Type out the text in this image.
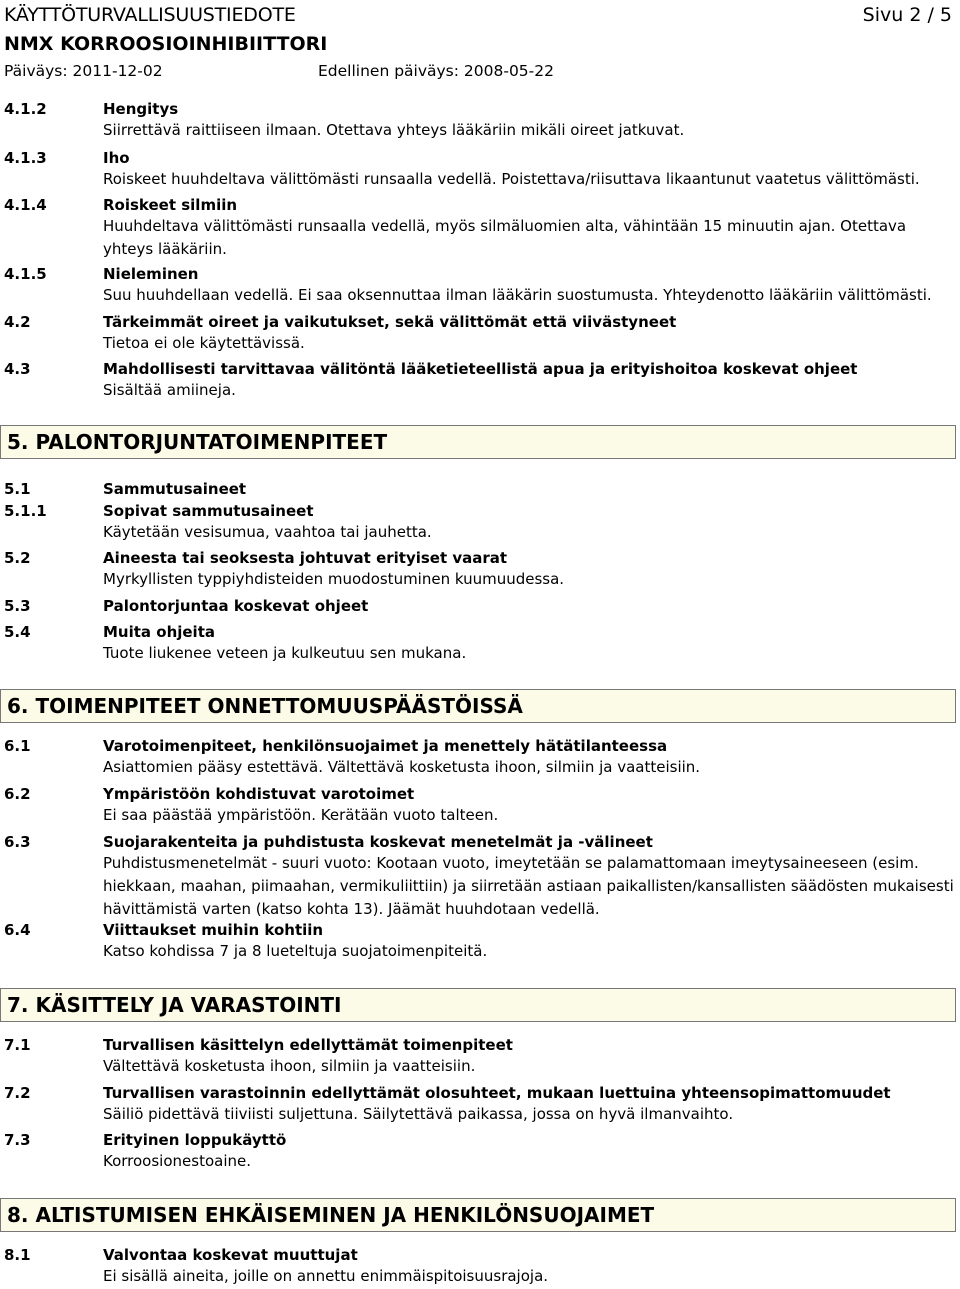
KÄYTTÖTURVALLISUUSTIEDOTE	Sivu 2 / 5
NMX KORROOSIOINHIBIITTORI
Päiväys: 2011-12-02	Edellinen päiväys: 2008-05-22
4.1.2	Hengitys
Siirrettävä raittiiseen ilmaan. Otettava yhteys lääkäriin mikäli oireet jatkuvat.
4.1.3	Iho
Roiskeet huuhdeltava välittömästi runsaalla vedellä. Poistettava/riisuttava likaantunut vaatetus välittömästi.
4.1.4	Roiskeet silmiin
Huuhdeltava välittömästi runsaalla vedellä, myös silmäluomien alta, vähintään 15 minuutin ajan. Otettava yhteys lääkäriin.
4.1.5	Nieleminen
Suu huuhdellaan vedellä. Ei saa oksennuttaa ilman lääkärin suostumusta. Yhteydenotto lääkäriin välittömästi.
4.2	Tärkeimmät oireet ja vaikutukset, sekä välittömät että viivästyneet
Tietoa ei ole käytettävissä.
4.3	Mahdollisesti tarvittavaa välitöntä lääketieteellistä apua ja erityishoitoa koskevat ohjeet
Sisältää amiineja.
5. PALONTORJUNTATOIMENPITEET
5.1	Sammutusaineet
5.1.1	Sopivat sammutusaineet
Käytetään vesisumua, vaahtoa tai jauhetta.
5.2	Aineesta tai seoksesta johtuvat erityiset vaarat
Myrkyllisten typpiyhdisteiden muodostuminen kuumuudessa.
5.3	Palontorjuntaa koskevat ohjeet
5.4	Muita ohjeita
Tuote liukenee veteen ja kulkeutuu sen mukana.
6. TOIMENPITEET ONNETTOMUUSPÄÄSTÖISSÄ
6.1	Varotoimenpiteet, henkilönsuojaimet ja menettely hätätilanteessa
Asiattomien pääsy estettävä. Vältettävä kosketusta ihoon, silmiin ja vaatteisiin.
6.2	Ympäristöön kohdistuvat varotoimet
Ei saa päästää ympäristöön. Kerätään vuoto talteen.
6.3	Suojarakenteita ja puhdistusta koskevat menetelmät ja -välineet
Puhdistusmenetelmät - suuri vuoto: Kootaan vuoto, imeytetään se palamattomaan imeytysaineeseen (esim. hiekkaan, maahan, piimaahan, vermikuliittiin) ja siirretään astiaan paikallisten/kansallisten säädösten mukaisesti hävittämistä varten (katso kohta 13). Jäämät huuhdotaan vedellä.
6.4	Viittaukset muihin kohtiin
Katso kohdissa 7 ja 8 lueteltuja suojatoimenpiteitä.
7. KÄSITTELY JA VARASTOINTI
7.1	Turvallisen käsittelyn edellyttämät toimenpiteet
Vältettävä kosketusta ihoon, silmiin ja vaatteisiin.
7.2	Turvallisen varastoinnin edellyttämät olosuhteet, mukaan luettuina yhteensopimattomuudet
Säiliö pidettävä tiiviisti suljettuna. Säilytettävä paikassa, jossa on hyvä ilmanvaihto.
7.3	Erityinen loppukäyttö
Korroosionestoaine.
8. ALTISTUMISEN EHKÄISEMINEN JA HENKILÖNSUOJAIMET
8.1	Valvontaa koskevat muuttujat
Ei sisällä aineita, joille on annettu enimmäispitoisuusrajoja.
